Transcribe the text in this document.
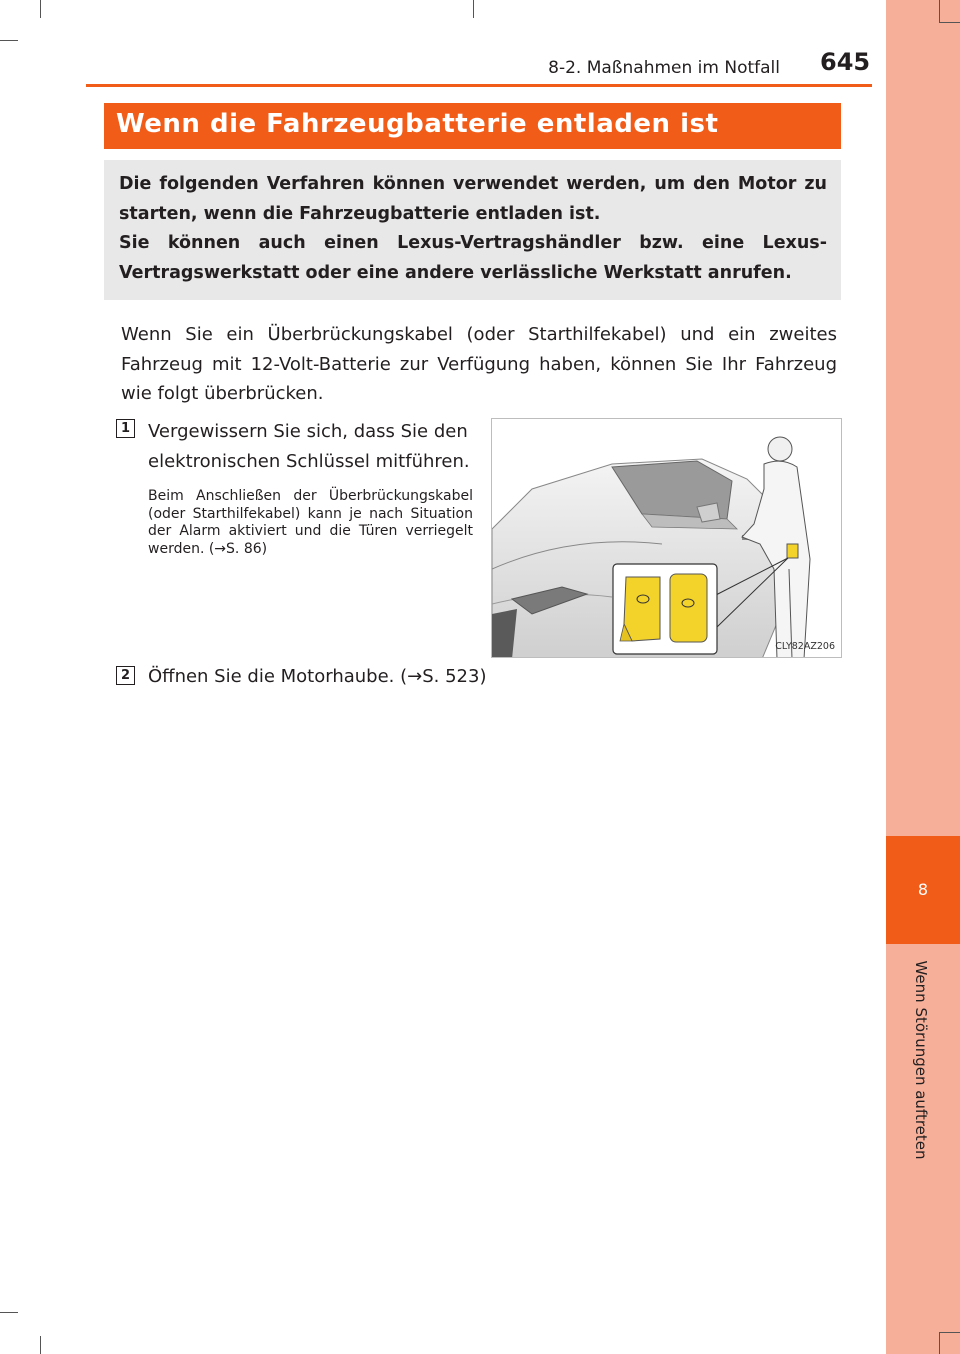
8
Wenn Störungen auftreten
8-2. Maßnahmen im Notfall 645
Wenn die Fahrzeugbatterie entladen ist
Die folgenden Verfahren können verwendet werden, um den Motor zu starten, wenn die Fahrzeugbatterie entladen ist.
Sie können auch einen Lexus-Vertragshändler bzw. eine Lexus-Vertragswerkstatt oder eine andere verlässliche Werkstatt anrufen.
Wenn Sie ein Überbrückungskabel (oder Starthilfekabel) und ein zweites Fahrzeug mit 12-Volt-Batterie zur Verfügung haben, können Sie Ihr Fahrzeug wie folgt überbrücken.
1 Vergewissern Sie sich, dass Sie den elektronischen Schlüssel mitführen.
Beim Anschließen der Überbrückungskabel (oder Starthilfekabel) kann je nach Situation der Alarm aktiviert und die Türen verriegelt werden. (→S. 86)
CLY82AZ206
2 Öffnen Sie die Motorhaube. (→S. 523)
